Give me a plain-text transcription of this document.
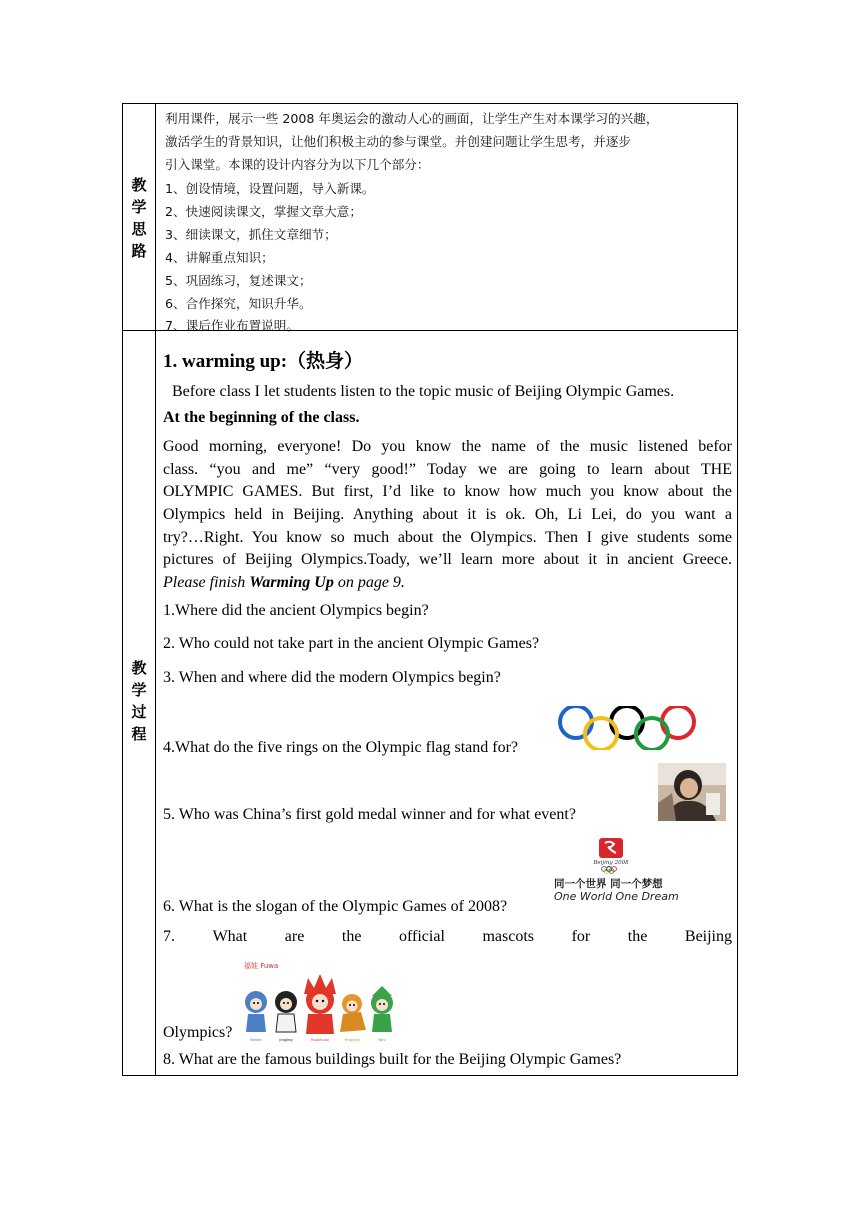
教
学
思
路
利用课件，展示一些 2008 年奥运会的激动人心的画面，让学生产生对本课学习的兴趣，
激活学生的背景知识，让他们积极主动的参与课堂。并创建问题让学生思考，并逐步
引入课堂。本课的设计内容分为以下几个部分：
1、创设情境，设置问题，导入新课。
2、快速阅读课文，掌握文章大意；
3、细读课文，抓住文章细节；
4、讲解重点知识；
5、巩固练习，复述课文；
6、合作探究，知识升华。
7、课后作业布置说明。
教
学
过
程
1. warming up:（热身）
Before class I let students listen to the topic music of Beijing Olympic Games.
At the beginning of the class.
Good morning, everyone! Do you know the name of the music listened befor
class. “you and me” “very good!” Today we are going to learn about THE
OLYMPIC GAMES. But first, I’d like to know how much you know about the
Olympics held in Beijing. Anything about it is ok. Oh, Li Lei, do you want a
try?…Right. You know so much about the Olympics. Then I give students some
pictures of Beijing Olympics.Toady, we’ll learn more about it in ancient Greece.
Please finish Warming Up on page 9.
1.Where did the ancient Olympics begin?
2. Who could not take part in the ancient Olympic Games?
3. When and where did the modern Olympics begin?
4.What do the five rings on the Olympic flag stand for?
5. Who was China’s first gold medal winner and for what event?
6. What is the slogan of the Olympic Games of 2008?
7. What are the official mascots for the Beijing
Olympics?
8. What are the famous buildings built for the Beijing Olympic Games?
Beijing 2008
同一个世界 同一个梦想
One World One Dream
福娃 Fuwa
Beibei	Jingjing	Huanhuan	Yingying	Nini
